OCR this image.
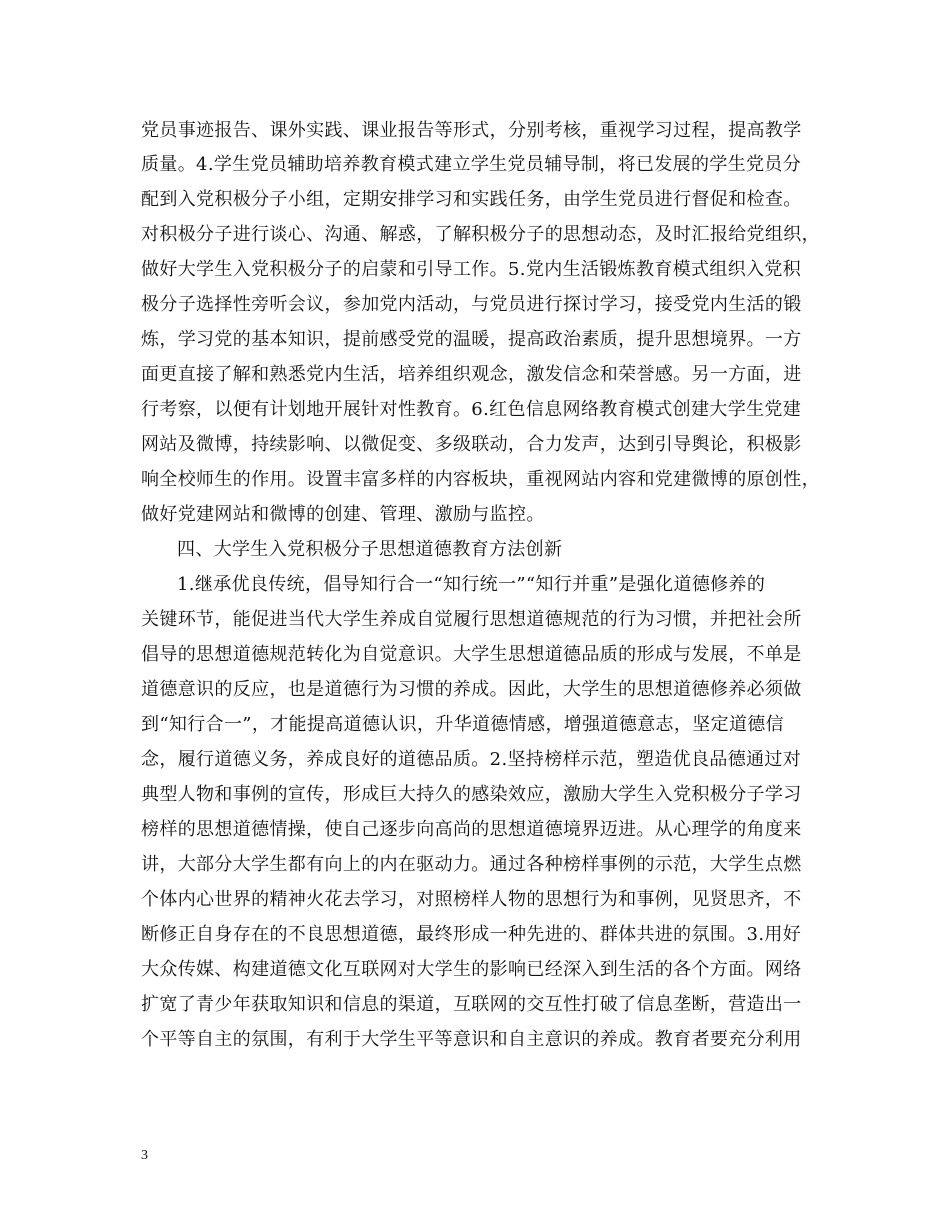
党员事迹报告、课外实践、课业报告等形式，分别考核，重视学习过程，提高教学
质量。4.学生党员辅助培养教育模式建立学生党员辅导制，将已发展的学生党员分
配到入党积极分子小组，定期安排学习和实践任务，由学生党员进行督促和检查。
对积极分子进行谈心、沟通、解惑，了解积极分子的思想动态，及时汇报给党组织，
做好大学生入党积极分子的启蒙和引导工作。5.党内生活锻炼教育模式组织入党积
极分子选择性旁听会议，参加党内活动，与党员进行探讨学习，接受党内生活的锻
炼，学习党的基本知识，提前感受党的温暖，提高政治素质，提升思想境界。一方
面更直接了解和熟悉党内生活，培养组织观念，激发信念和荣誉感。另一方面，进
行考察，以便有计划地开展针对性教育。6.红色信息网络教育模式创建大学生党建
网站及微博，持续影响、以微促变、多级联动，合力发声，达到引导舆论，积极影
响全校师生的作用。设置丰富多样的内容板块，重视网站内容和党建微博的原创性，
做好党建网站和微博的创建、管理、激励与监控。
四、大学生入党积极分子思想道德教育方法创新
1.继承优良传统，倡导知行合一“知行统一”“知行并重”是强化道德修养的
关键环节，能促进当代大学生养成自觉履行思想道德规范的行为习惯，并把社会所
倡导的思想道德规范转化为自觉意识。大学生思想道德品质的形成与发展，不单是
道德意识的反应，也是道德行为习惯的养成。因此，大学生的思想道德修养必须做
到“知行合一”，才能提高道德认识，升华道德情感，增强道德意志，坚定道德信
念，履行道德义务，养成良好的道德品质。2.坚持榜样示范，塑造优良品德通过对
典型人物和事例的宣传，形成巨大持久的感染效应，激励大学生入党积极分子学习
榜样的思想道德情操，使自己逐步向高尚的思想道德境界迈进。从心理学的角度来
讲，大部分大学生都有向上的内在驱动力。通过各种榜样事例的示范，大学生点燃
个体内心世界的精神火花去学习，对照榜样人物的思想行为和事例，见贤思齐，不
断修正自身存在的不良思想道德，最终形成一种先进的、群体共进的氛围。3.用好
大众传媒、构建道德文化互联网对大学生的影响已经深入到生活的各个方面。网络
扩宽了青少年获取知识和信息的渠道，互联网的交互性打破了信息垄断，营造出一
个平等自主的氛围，有利于大学生平等意识和自主意识的养成。教育者要充分利用
3
